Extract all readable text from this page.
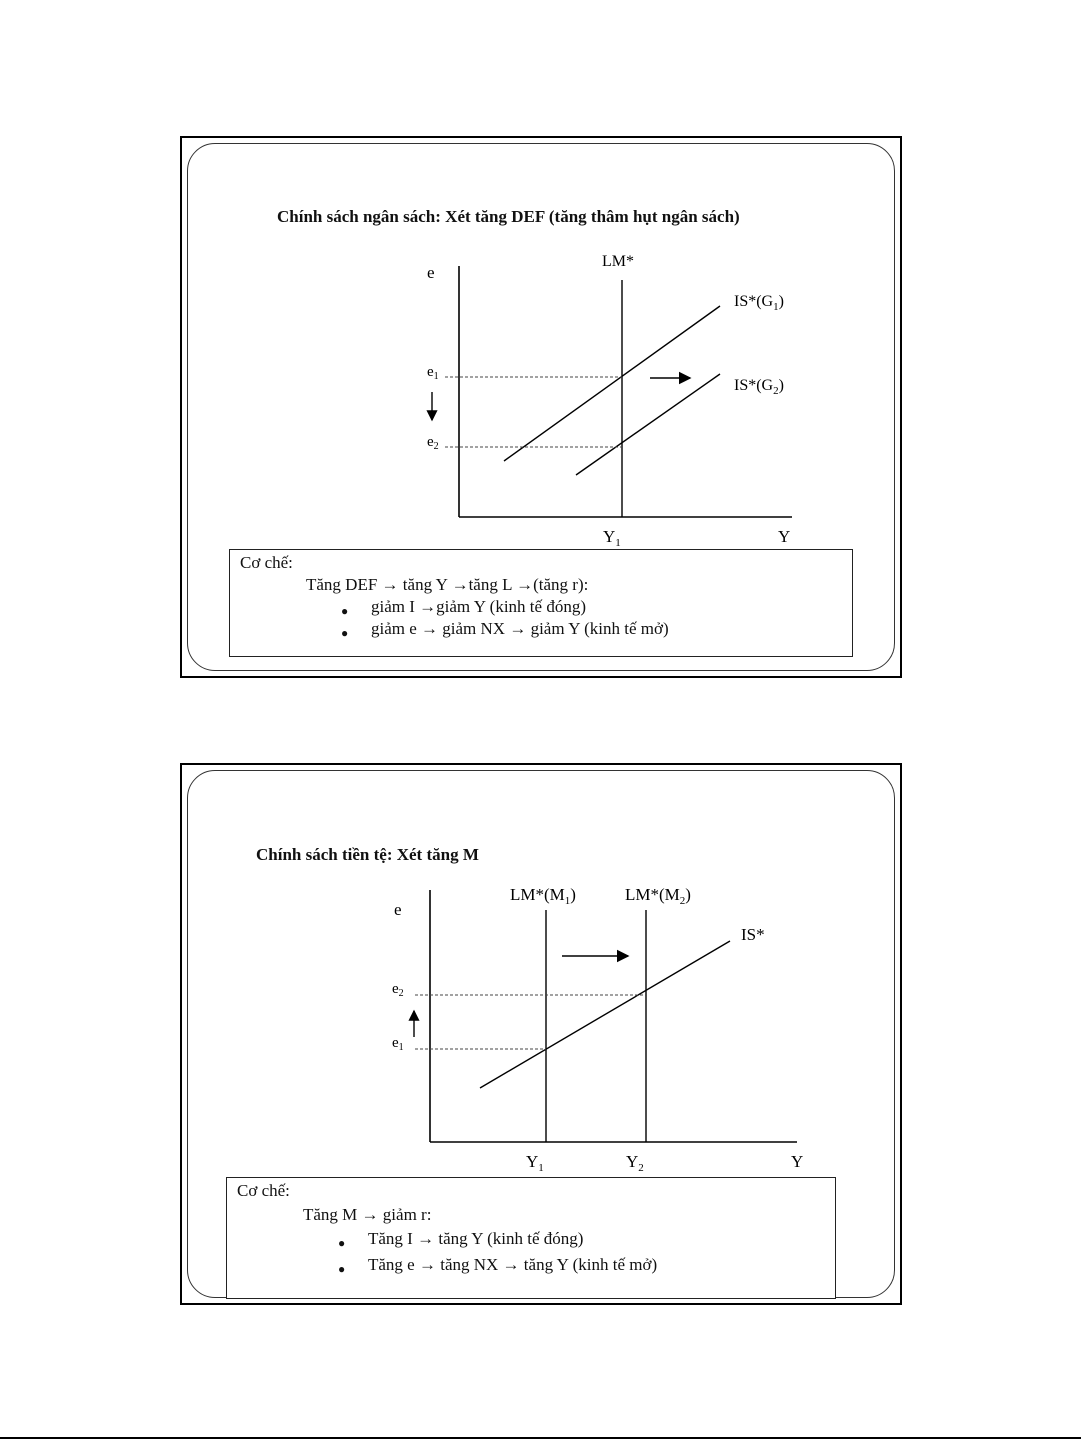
Chính sách ngân sách: Xét tăng DEF (tăng thâm hụt ngân sách)
e
Y
LM*
$IS*(G_1)$
$IS*(G_2)$
$e_1$
$e_2$
$Y_1$
Cơ chế:
Tăng DEF → tăng Y →tăng L →(tăng r):
● giảm I →giảm Y (kinh tế đóng)
● giảm e → giảm NX → giảm Y (kinh tế mở)
Chính sách tiền tệ: Xét tăng M
e
Y
$LM*(M_1)$	$LM*(M_2)$
IS*
$e_2$
$e_1$
$Y_1$	$Y_2$
Cơ chế:
Tăng M → giảm r:
● Tăng I → tăng Y (kinh tế đóng)
● Tăng e → tăng NX → tăng Y (kinh tế mở)
